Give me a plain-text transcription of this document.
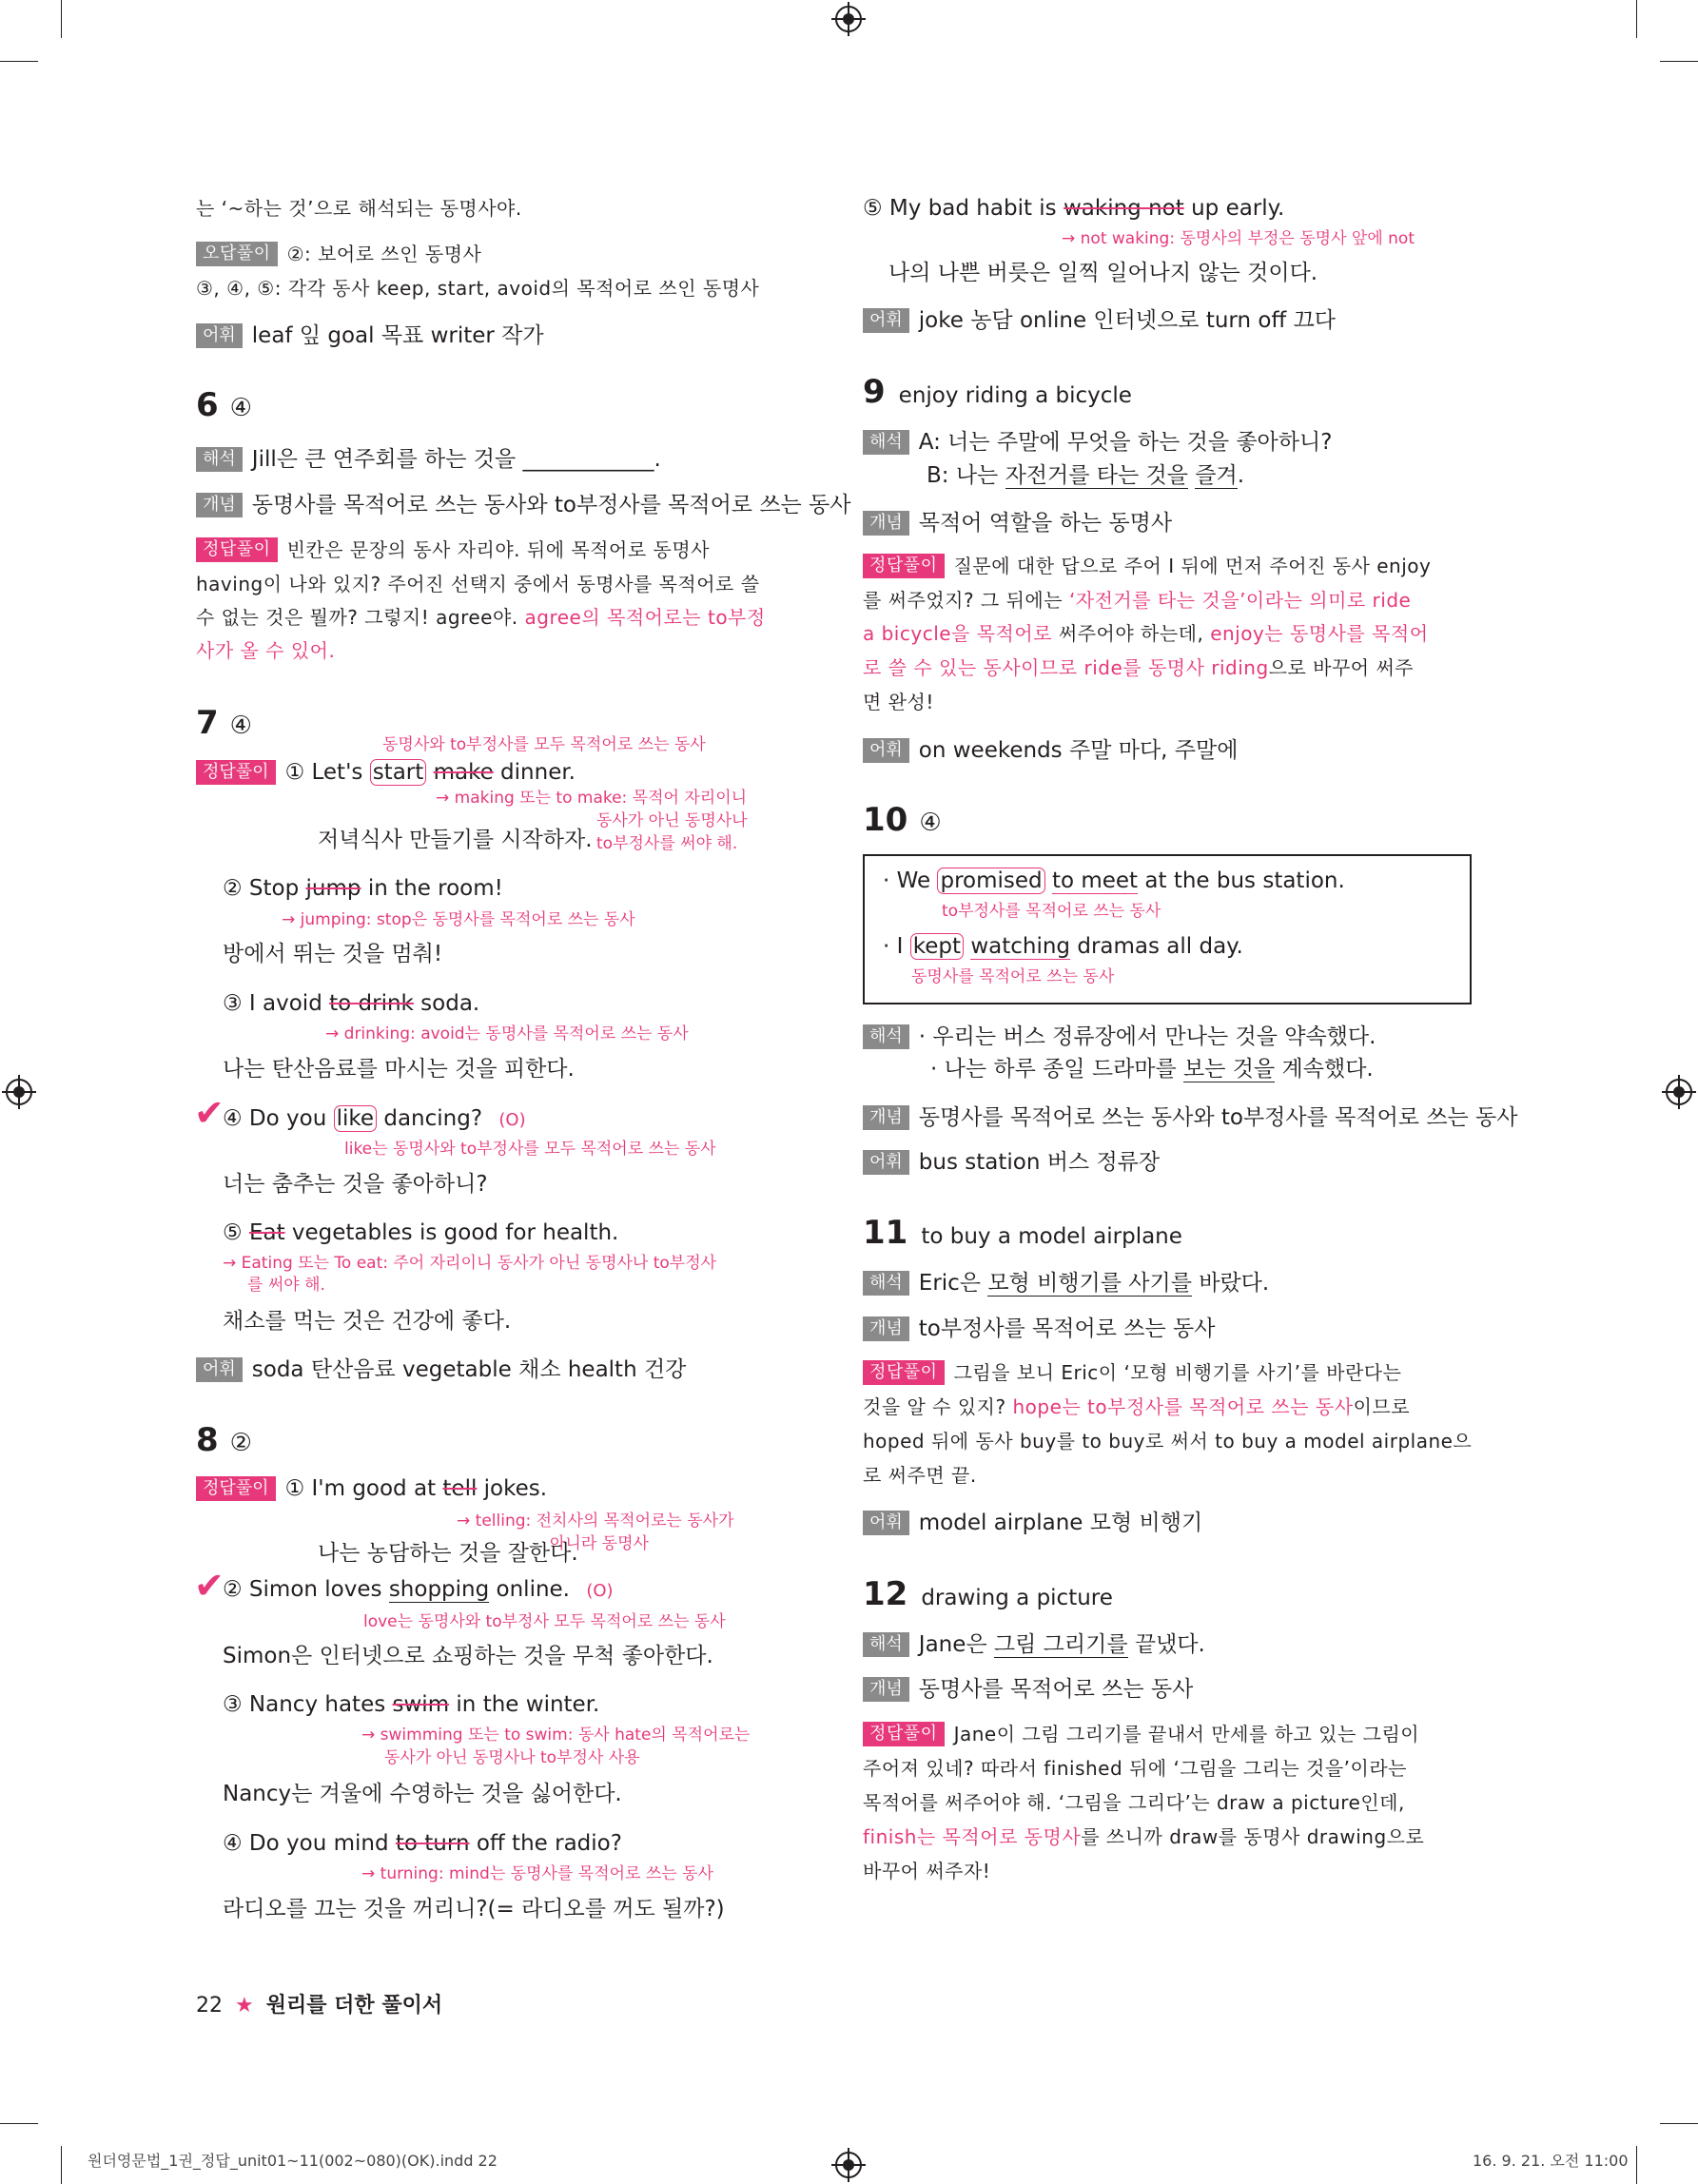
는 ‘~하는 것’으로 해석되는 동명사야.
오답풀이 ②: 보어로 쓰인 동명사
③, ④, ⑤: 각각 동사 keep, start, avoid의 목적어로 쓰인 동명사
어휘 leaf 잎 goal 목표 writer 작가
6 ④
해석 Jill은 큰 연주회를 하는 것을 ____________.
개념 동명사를 목적어로 쓰는 동사와 to부정사를 목적어로 쓰는 동사
정답풀이 빈칸은 문장의 동사 자리야. 뒤에 목적어로 동명사
having이 나와 있지? 주어진 선택지 중에서 동명사를 목적어로 쓸
수 없는 것은 뭘까? 그렇지! agree야. agree의 목적어로는 to부정
사가 올 수 있어.
7 ④
동명사와 to부정사를 모두 목적어로 쓰는 동사
정답풀이 ① Let's start make dinner.
→ making 또는 to make: 목적어 자리이니
동사가 아닌 동명사나
저녁식사 만들기를 시작하자. to부정사를 써야 해.
② Stop jump in the room!
→ jumping: stop은 동명사를 목적어로 쓰는 동사
방에서 뛰는 것을 멈춰!
③ I avoid to drink soda.
→ drinking: avoid는 동명사를 목적어로 쓰는 동사
나는 탄산음료를 마시는 것을 피한다.
✔
④ Do you like dancing? (O)
like는 동명사와 to부정사를 모두 목적어로 쓰는 동사
너는 춤추는 것을 좋아하니?
⑤ Eat vegetables is good for health.
→ Eating 또는 To eat: 주어 자리이니 동사가 아닌 동명사나 to부정사
를 써야 해.
채소를 먹는 것은 건강에 좋다.
어휘 soda 탄산음료 vegetable 채소 health 건강
8 ②
정답풀이 ① I'm good at tell jokes.
→ telling: 전치사의 목적어로는 동사가
나는 농담하는 것을 잘한다.
아니라 동명사
✔
② Simon loves shopping online. (O)
love는 동명사와 to부정사 모두 목적어로 쓰는 동사
Simon은 인터넷으로 쇼핑하는 것을 무척 좋아한다.
③ Nancy hates swim in the winter.
→ swimming 또는 to swim: 동사 hate의 목적어로는
동사가 아닌 동명사나 to부정사 사용
Nancy는 겨울에 수영하는 것을 싫어한다.
④ Do you mind to turn off the radio?
→ turning: mind는 동명사를 목적어로 쓰는 동사
라디오를 끄는 것을 꺼리니?(= 라디오를 꺼도 될까?)
⑤ My bad habit is waking not up early.
→ not waking: 동명사의 부정은 동명사 앞에 not
나의 나쁜 버릇은 일찍 일어나지 않는 것이다.
어휘 joke 농담 online 인터넷으로 turn off 끄다
9 enjoy riding a bicycle
해석 A: 너는 주말에 무엇을 하는 것을 좋아하니?
B: 나는 자전거를 타는 것을 즐겨.
개념 목적어 역할을 하는 동명사
정답풀이 질문에 대한 답으로 주어 I 뒤에 먼저 주어진 동사 enjoy
를 써주었지? 그 뒤에는 ‘자전거를 타는 것을’이라는 의미로 ride
a bicycle을 목적어로 써주어야 하는데, enjoy는 동명사를 목적어
로 쓸 수 있는 동사이므로 ride를 동명사 riding으로 바꾸어 써주
면 완성!
어휘 on weekends 주말 마다, 주말에
10 ④
· We promised to meet at the bus station.
to부정사를 목적어로 쓰는 동사
· I kept watching dramas all day.
동명사를 목적어로 쓰는 동사
해석 · 우리는 버스 정류장에서 만나는 것을 약속했다.
· 나는 하루 종일 드라마를 보는 것을 계속했다.
개념 동명사를 목적어로 쓰는 동사와 to부정사를 목적어로 쓰는 동사
어휘 bus station 버스 정류장
11 to buy a model airplane
해석 Eric은 모형 비행기를 사기를 바랐다.
개념 to부정사를 목적어로 쓰는 동사
정답풀이 그림을 보니 Eric이 ‘모형 비행기를 사기’를 바란다는
것을 알 수 있지? hope는 to부정사를 목적어로 쓰는 동사이므로
hoped 뒤에 동사 buy를 to buy로 써서 to buy a model airplane으
로 써주면 끝.
어휘 model airplane 모형 비행기
12 drawing a picture
해석 Jane은 그림 그리기를 끝냈다.
개념 동명사를 목적어로 쓰는 동사
정답풀이 Jane이 그림 그리기를 끝내서 만세를 하고 있는 그림이
주어져 있네? 따라서 finished 뒤에 ‘그림을 그리는 것을’이라는
목적어를 써주어야 해. ‘그림을 그리다’는 draw a picture인데,
finish는 목적어로 동명사를 쓰니까 draw를 동명사 drawing으로
바꾸어 써주자!
22 ★ 원리를 더한 풀이서
원더영문법_1권_정답_unit01~11(002~080)(OK).indd 22	16. 9. 21. 오전 11:00
